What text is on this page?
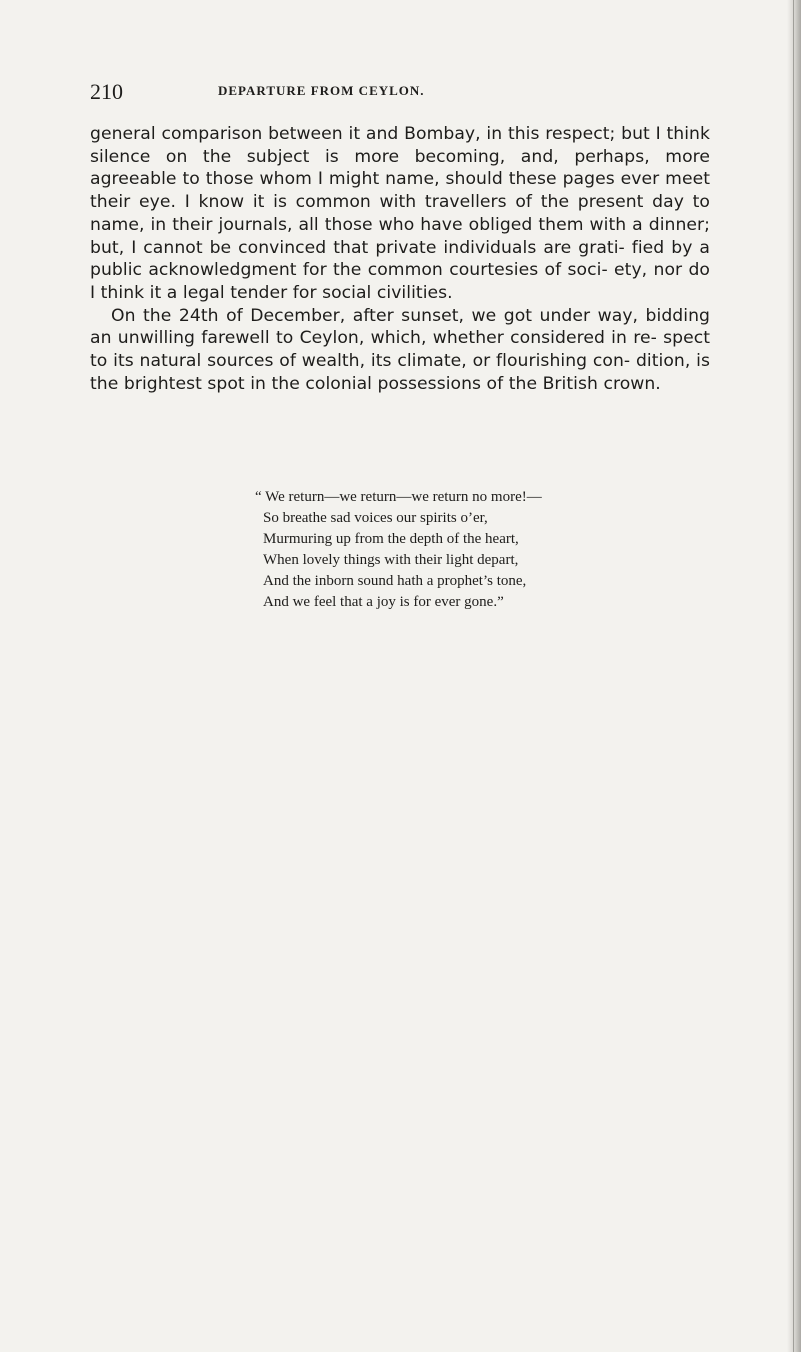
210	DEPARTURE FROM CEYLON.

general comparison between it and Bombay, in this respect; but I think silence on the subject is more becoming, and, perhaps, more agreeable to those whom I might name, should these pages ever meet their eye. I know it is common with travellers of the present day to name, in their journals, all those who have obliged them with a dinner; but, I cannot be convinced that private individuals are grati- fied by a public acknowledgment for the common courtesies of soci- ety, nor do I think it a legal tender for social civilities.

On the 24th of December, after sunset, we got under way, bidding an unwilling farewell to Ceylon, which, whether considered in re- spect to its natural sources of wealth, its climate, or flourishing con- dition, is the brightest spot in the colonial possessions of the British crown.

“ We return—we return—we return no more!—
So breathe sad voices our spirits o’er,
Murmuring up from the depth of the heart,
When lovely things with their light depart,
And the inborn sound hath a prophet’s tone,
And we feel that a joy is for ever gone.”
